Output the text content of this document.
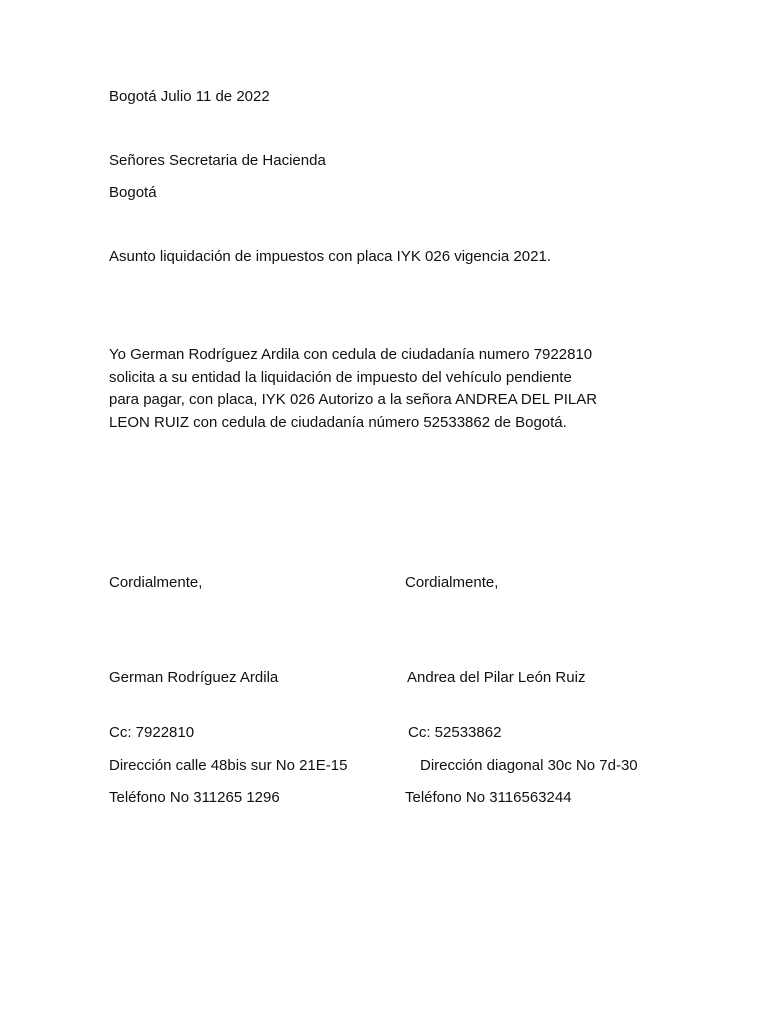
Bogotá Julio 11 de 2022
Señores Secretaria de Hacienda
Bogotá
Asunto liquidación de impuestos con placa IYK 026 vigencia 2021.
Yo German Rodríguez Ardila con cedula de ciudadanía numero 7922810
solicita a su entidad la liquidación de impuesto del vehículo pendiente
para pagar, con placa, IYK 026 Autorizo a la señora ANDREA DEL PILAR
LEON RUIZ con cedula de ciudadanía número 52533862 de Bogotá.
Cordialmente,
German Rodríguez Ardila
Cc: 7922810
Dirección calle 48bis sur No 21E-15
Teléfono No 311265 1296
Cordialmente,
Andrea del Pilar León Ruiz
Cc: 52533862
Dirección diagonal 30c No 7d-30
Teléfono No 3116563244
